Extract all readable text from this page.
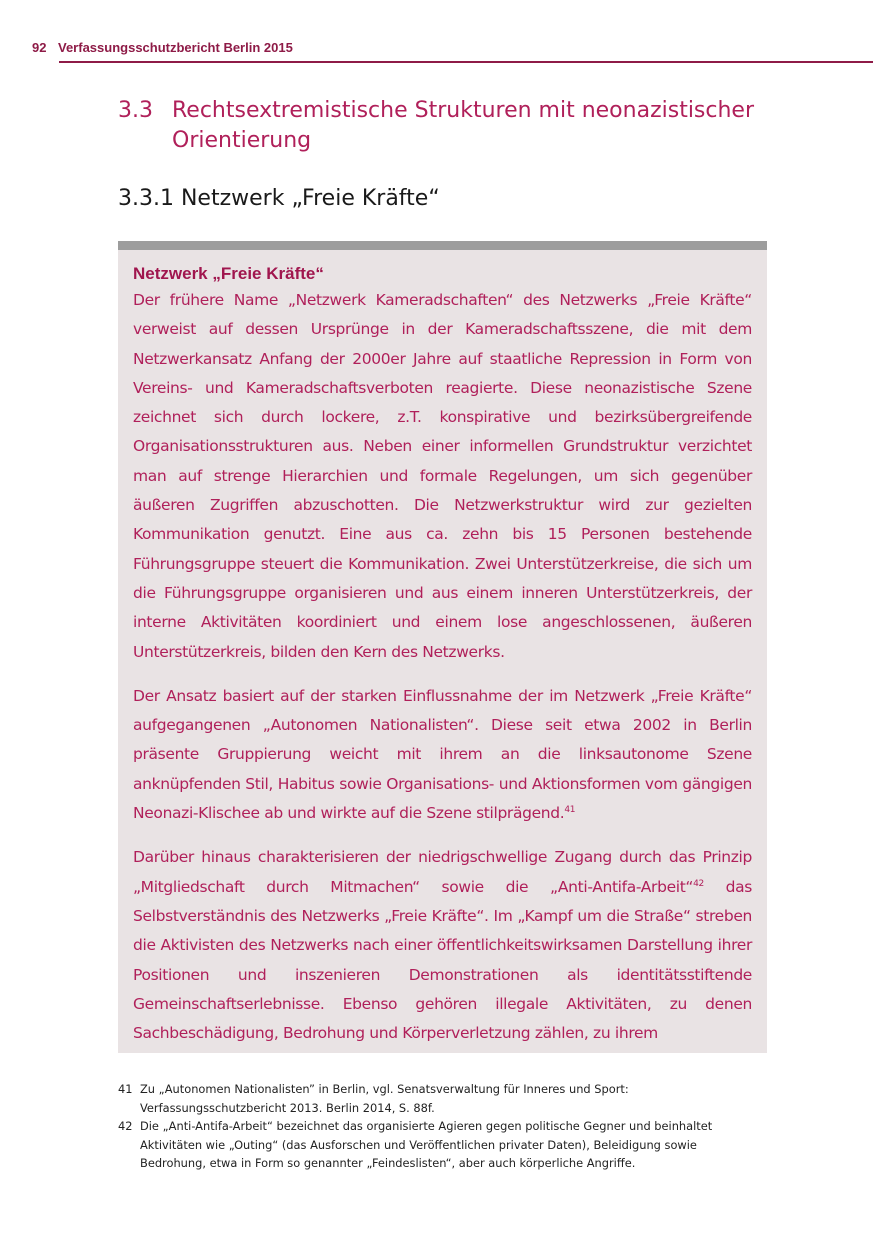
92 Verfassungsschutzbericht Berlin 2015
3.3 Rechtsextremistische Strukturen mit neonazistischer Orientierung
3.3.1 Netzwerk „Freie Kräfte“
Netzwerk „Freie Kräfte“

Der frühere Name „Netzwerk Kameradschaften“ des Netzwerks „Freie Kräfte“ verweist auf dessen Ursprünge in der Kameradschaftsszene, die mit dem Netzwerkansatz Anfang der 2000er Jahre auf staatliche Repression in Form von Vereins- und Kameradschaftsverboten reagierte. Diese neonazistische Szene zeichnet sich durch lockere, z.T. konspirative und bezirksübergreifende Organisationsstrukturen aus. Neben einer informellen Grundstruktur verzichtet man auf strenge Hierarchien und formale Regelungen, um sich gegenüber äußeren Zugriffen abzuschotten. Die Netzwerkstruktur wird zur gezielten Kommunikation genutzt. Eine aus ca. zehn bis 15 Personen bestehende Führungsgruppe steuert die Kommunikation. Zwei Unterstützerkreise, die sich um die Führungsgruppe organisieren und aus einem inneren Unterstützerkreis, der interne Aktivitäten koordiniert und einem lose angeschlossenen, äußeren Unterstützerkreis, bilden den Kern des Netzwerks.

Der Ansatz basiert auf der starken Einflussnahme der im Netzwerk „Freie Kräfte“ aufgegangenen „Autonomen Nationalisten“. Diese seit etwa 2002 in Berlin präsente Gruppierung weicht mit ihrem an die linksautonome Szene anknüpfenden Stil, Habitus sowie Organisations- und Aktionsformen vom gängigen Neonazi-Klischee ab und wirkte auf die Szene stilprägend.$^{41}$

Darüber hinaus charakterisieren der niedrigschwellige Zugang durch das Prinzip „Mitgliedschaft durch Mitmachen“ sowie die „Anti-Antifa-Arbeit“$^{42}$ das Selbstverständnis des Netzwerks „Freie Kräfte“. Im „Kampf um die Straße“ streben die Aktivisten des Netzwerks nach einer öffentlichkeitswirksamen Darstellung ihrer Positionen und inszenieren Demonstrationen als identitätsstiftende Gemeinschaftserlebnisse. Ebenso gehören illegale Aktivitäten, zu denen Sachbeschädigung, Bedrohung und Körperverletzung zählen, zu ihrem

41 Zu „Autonomen Nationalisten” in Berlin, vgl. Senatsverwaltung für Inneres und Sport: Verfassungsschutzbericht 2013. Berlin 2014, S. 88f.
42 Die „Anti-Antifa-Arbeit“ bezeichnet das organisierte Agieren gegen politische Gegner und beinhaltet Aktivitäten wie „Outing“ (das Ausforschen und Veröffentlichen privater Daten), Beleidigung sowie Bedrohung, etwa in Form so genannter „Feindeslisten“, aber auch körperliche Angriffe.
